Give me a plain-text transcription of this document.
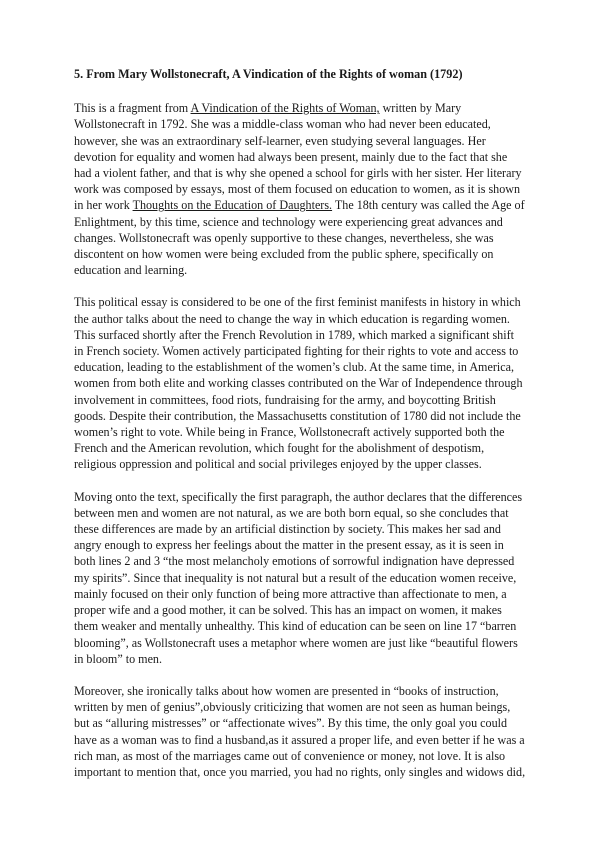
5. From Mary Wollstonecraft, A Vindication of the Rights of woman (1792)

This is a fragment from A Vindication of the Rights of Woman, written by Mary Wollstonecraft in 1792. She was a middle-class woman who had never been educated, however, she was an extraordinary self-learner, even studying several languages. Her devotion for equality and women had always been present, mainly due to the fact that she had a violent father, and that is why she opened a school for girls with her sister. Her literary work was composed by essays, most of them focused on education to women, as it is shown in her work Thoughts on the Education of Daughters. The 18th century was called the Age of Enlightment, by this time, science and technology were experiencing great advances and changes. Wollstonecraft was openly supportive to these changes, nevertheless, she was discontent on how women were being excluded from the public sphere, specifically on education and learning.

This political essay is considered to be one of the first feminist manifests in history in which the author talks about the need to change the way in which education is regarding women. This surfaced shortly after the French Revolution in 1789, which marked a significant shift in French society. Women actively participated fighting for their rights to vote and access to education, leading to the establishment of the women’s club. At the same time, in America, women from both elite and working classes contributed on the War of Independence through involvement in committees, food riots, fundraising for the army, and boycotting British goods. Despite their contribution, the Massachusetts constitution of 1780 did not include the women’s right to vote. While being in France, Wollstonecraft actively supported both the French and the American revolution, which fought for the abolishment of despotism, religious oppression and political and social privileges enjoyed by the upper classes.

Moving onto the text, specifically the first paragraph, the author declares that the differences between men and women are not natural, as we are both born equal, so she concludes that these differences are made by an artificial distinction by society. This makes her sad and angry enough to express her feelings about the matter in the present essay, as it is seen in both lines 2 and 3 “the most melancholy emotions of sorrowful indignation have depressed my spirits”. Since that inequality is not natural but a result of the education women receive, mainly focused on their only function of being more attractive than affectionate to men, a proper wife and a good mother, it can be solved. This has an impact on women, it makes them weaker and mentally unhealthy. This kind of education can be seen on line 17 “barren blooming”, as Wollstonecraft uses a metaphor where women are just like “beautiful flowers in bloom” to men.

Moreover, she ironically talks about how women are presented in “books of instruction, written by men of genius”,obviously criticizing that women are not seen as human beings, but as “alluring mistresses” or “affectionate wives”. By this time, the only goal you could have as a woman was to find a husband,as it assured a proper life, and even better if he was a rich man, as most of the marriages came out of convenience or money, not love. It is also important to mention that, once you married, you had no rights, only singles and widows did,
